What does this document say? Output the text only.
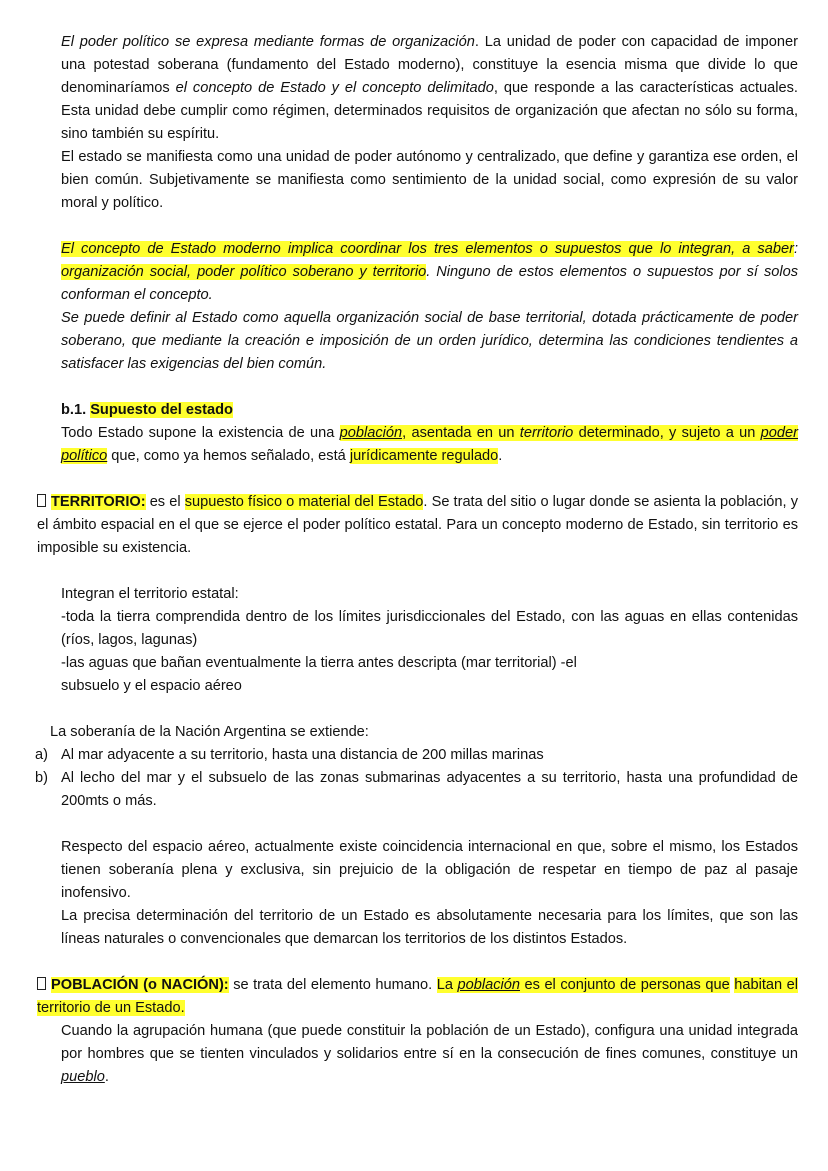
El poder político se expresa mediante formas de organización. La unidad de poder con capacidad de imponer una potestad soberana (fundamento del Estado moderno), constituye la esencia misma que divide lo que denominaríamos el concepto de Estado y el concepto delimitado, que responde a las características actuales. Esta unidad debe cumplir como régimen, determinados requisitos de organización que afectan no sólo su forma, sino también su espíritu.

El estado se manifiesta como una unidad de poder autónomo y centralizado, que define y garantiza ese orden, el bien común. Subjetivamente se manifiesta como sentimiento de la unidad social, como expresión de su valor moral y político.

El concepto de Estado moderno implica coordinar los tres elementos o supuestos que lo integran, a saber: organización social, poder político soberano y territorio. Ninguno de estos elementos o supuestos por sí solos conforman el concepto.

Se puede definir al Estado como aquella organización social de base territorial, dotada prácticamente de poder soberano, que mediante la creación e imposición de un orden jurídico, determina las condiciones tendientes a satisfacer las exigencias del bien común.

b.1. Supuesto del estado

Todo Estado supone la existencia de una población, asentada en un territorio determinado, y sujeto a un poder político que, como ya hemos señalado, está jurídicamente regulado.

TERRITORIO: es el supuesto físico o material del Estado. Se trata del sitio o lugar donde se asienta la población, y el ámbito espacial en el que se ejerce el poder político estatal. Para un concepto moderno de Estado, sin territorio es imposible su existencia.

Integran el territorio estatal:

-toda la tierra comprendida dentro de los límites jurisdiccionales del Estado, con las aguas en ellas contenidas (ríos, lagos, lagunas)

-las aguas que bañan eventualmente la tierra antes descripta (mar territorial) -el

subsuelo y el espacio aéreo

La soberanía de la Nación Argentina se extiende:

a) Al mar adyacente a su territorio, hasta una distancia de 200 millas marinas
b) Al lecho del mar y el subsuelo de las zonas submarinas adyacentes a su territorio, hasta una profundidad de 200mts o más.

Respecto del espacio aéreo, actualmente existe coincidencia internacional en que, sobre el mismo, los Estados tienen soberanía plena y exclusiva, sin prejuicio de la obligación de respetar en tiempo de paz al pasaje inofensivo.

La precisa determinación del territorio de un Estado es absolutamente necesaria para los límites, que son las líneas naturales o convencionales que demarcan los territorios de los distintos Estados.

POBLACIÓN (o NACIÓN): se trata del elemento humano. La población es el conjunto de personas que habitan el territorio de un Estado.

Cuando la agrupación humana (que puede constituir la población de un Estado), configura una unidad integrada por hombres que se tienten vinculados y solidarios entre sí en la consecución de fines comunes, constituye un pueblo.
